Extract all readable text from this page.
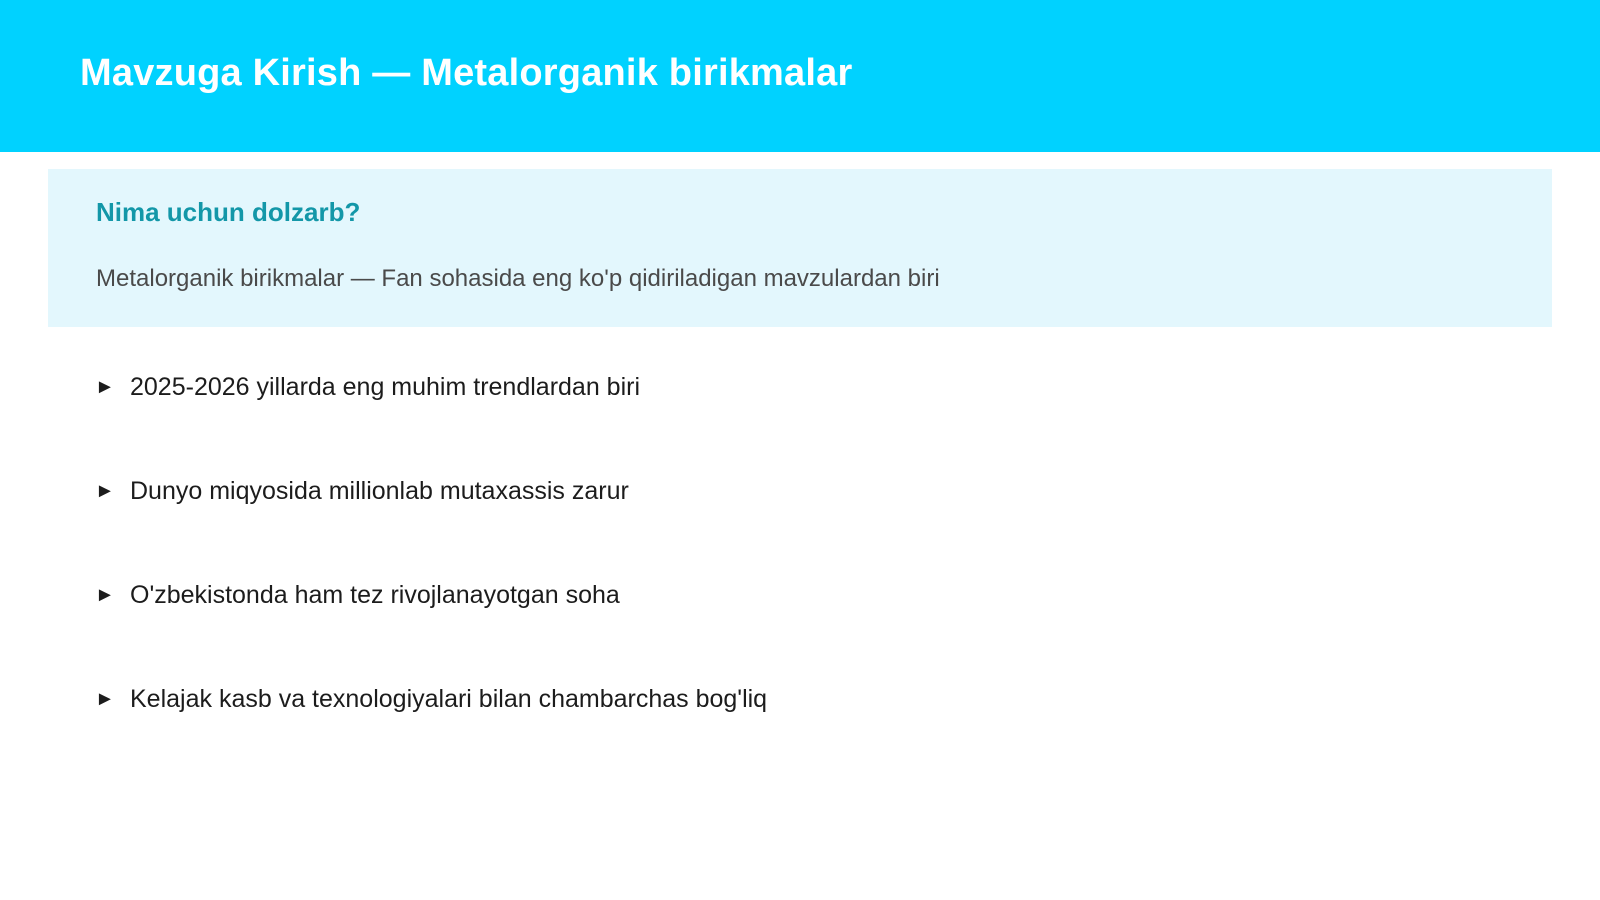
Mavzuga Kirish — Metalorganik birikmalar
Nima uchun dolzarb?

Metalorganik birikmalar — Fan sohasida eng ko'p qidiriladigan mavzulardan biri

► 2025-2026 yillarda eng muhim trendlardan biri
► Dunyo miqyosida millionlab mutaxassis zarur
► O'zbekistonda ham tez rivojlanayotgan soha
► Kelajak kasb va texnologiyalari bilan chambarchas bog'liq
